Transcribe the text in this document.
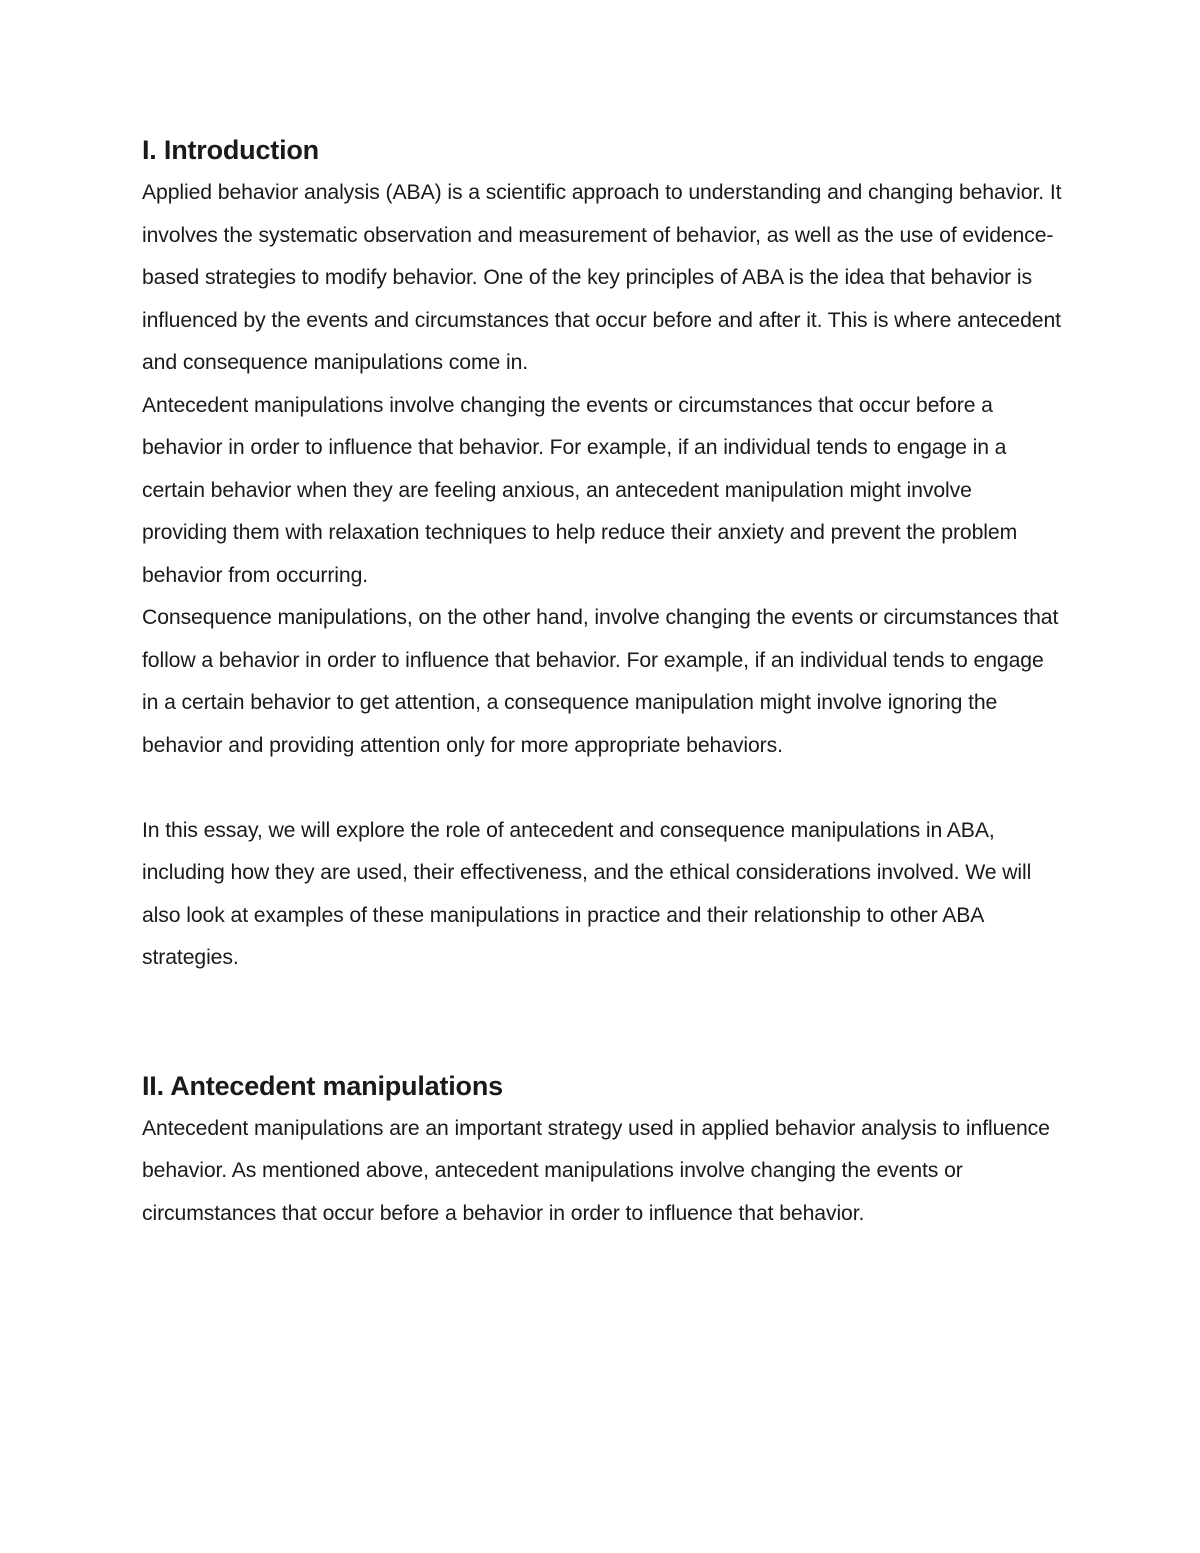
I. Introduction

Applied behavior analysis (ABA) is a scientific approach to understanding and changing behavior. It involves the systematic observation and measurement of behavior, as well as the use of evidence-based strategies to modify behavior. One of the key principles of ABA is the idea that behavior is influenced by the events and circumstances that occur before and after it. This is where antecedent and consequence manipulations come in.

Antecedent manipulations involve changing the events or circumstances that occur before a behavior in order to influence that behavior. For example, if an individual tends to engage in a certain behavior when they are feeling anxious, an antecedent manipulation might involve providing them with relaxation techniques to help reduce their anxiety and prevent the problem behavior from occurring.

Consequence manipulations, on the other hand, involve changing the events or circumstances that follow a behavior in order to influence that behavior. For example, if an individual tends to engage in a certain behavior to get attention, a consequence manipulation might involve ignoring the behavior and providing attention only for more appropriate behaviors.

In this essay, we will explore the role of antecedent and consequence manipulations in ABA, including how they are used, their effectiveness, and the ethical considerations involved. We will also look at examples of these manipulations in practice and their relationship to other ABA strategies.

II. Antecedent manipulations

Antecedent manipulations are an important strategy used in applied behavior analysis to influence behavior. As mentioned above, antecedent manipulations involve changing the events or circumstances that occur before a behavior in order to influence that behavior.
